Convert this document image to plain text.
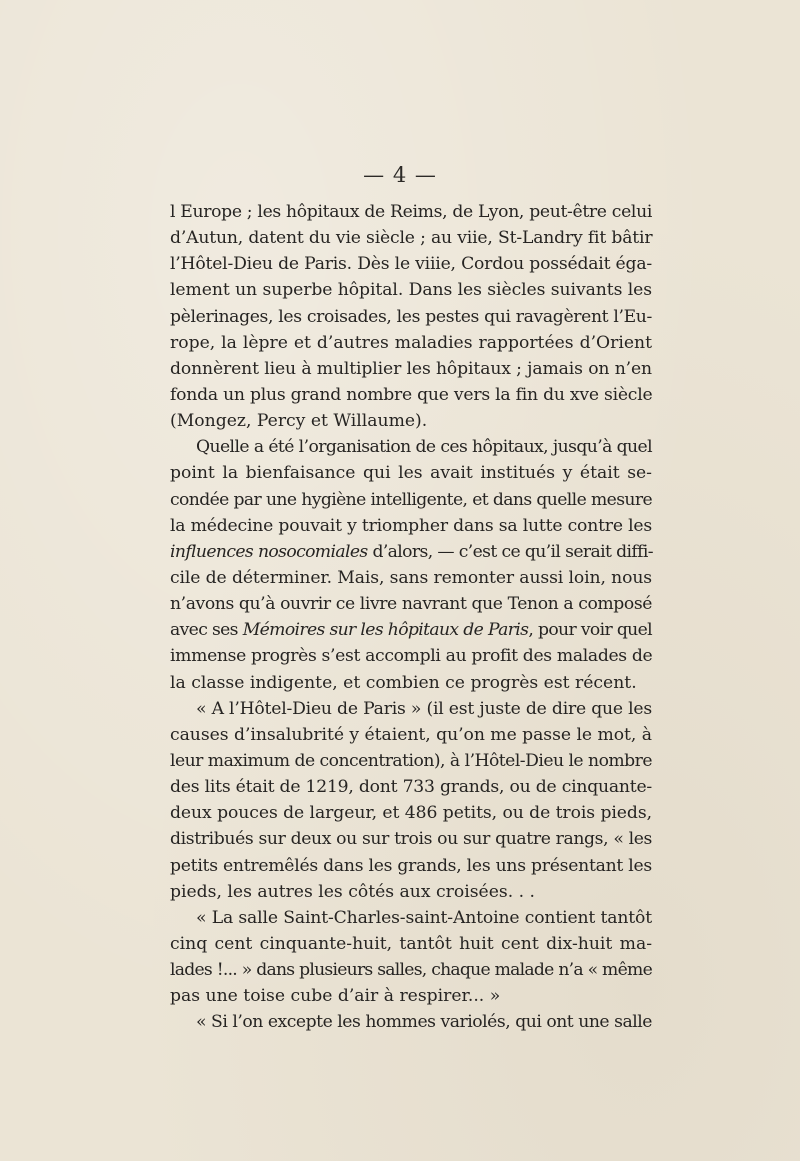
— 4 —
l Europe ; les hôpitaux de Reims, de Lyon, peut-être celui
d’Autun, datent du vie siècle ; au viie, St-Landry fit bâtir
l’Hôtel-Dieu de Paris. Dès le viiie, Cordou possédait éga-
lement un superbe hôpital. Dans les siècles suivants les
pèlerinages, les croisades, les pestes qui ravagèrent l’Eu-
rope, la lèpre et d’autres maladies rapportées d’Orient
donnèrent lieu à multiplier les hôpitaux ; jamais on n’en
fonda un plus grand nombre que vers la fin du xve siècle
(Mongez, Percy et Willaume).
Quelle a été l’organisation de ces hôpitaux, jusqu’à quel
point la bienfaisance qui les avait institués y était se-
condée par une hygiène intelligente, et dans quelle mesure
la médecine pouvait y triompher dans sa lutte contre les
influences nosocomiales d’alors, — c’est ce qu’il serait diffi-
cile de déterminer. Mais, sans remonter aussi loin, nous
n’avons qu’à ouvrir ce livre navrant que Tenon a composé
avec ses Mémoires sur les hôpitaux de Paris, pour voir quel
immense progrès s’est accompli au profit des malades de
la classe indigente, et combien ce progrès est récent.
« A l’Hôtel-Dieu de Paris » (il est juste de dire que les
causes d’insalubrité y étaient, qu’on me passe le mot, à
leur maximum de concentration), à l’Hôtel-Dieu le nombre
des lits était de 1219, dont 733 grands, ou de cinquante-
deux pouces de largeur, et 486 petits, ou de trois pieds,
distribués sur deux ou sur trois ou sur quatre rangs, « les
petits entremêlés dans les grands, les uns présentant les
pieds, les autres les côtés aux croisées. . .
« La salle Saint-Charles-saint-Antoine contient tantôt
cinq cent cinquante-huit, tantôt huit cent dix-huit ma-
lades !... » dans plusieurs salles, chaque malade n’a « même
pas une toise cube d’air à respirer... »
« Si l’on excepte les hommes variolés, qui ont une salle
